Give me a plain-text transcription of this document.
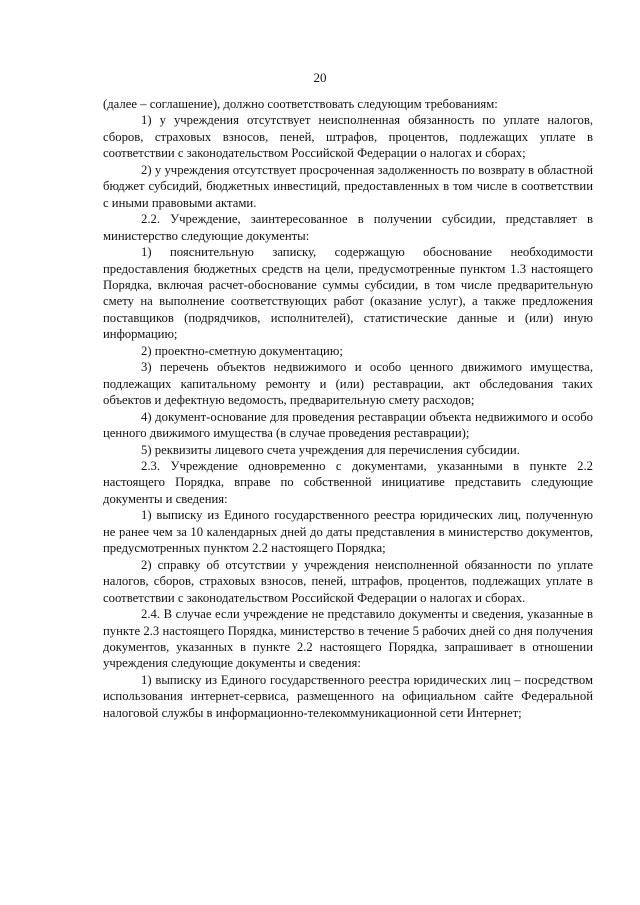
20

(далее – соглашение), должно соответствовать следующим требованиям:

1) у учреждения отсутствует неисполненная обязанность по уплате налогов, сборов, страховых взносов, пеней, штрафов, процентов, подлежащих уплате в соответствии с законодательством Российской Федерации о налогах и сборах;

2) у учреждения отсутствует просроченная задолженность по возврату в областной бюджет субсидий, бюджетных инвестиций, предоставленных в том числе в соответствии с иными правовыми актами.

2.2. Учреждение, заинтересованное в получении субсидии, представляет в министерство следующие документы:

1) пояснительную записку, содержащую обоснование необходимости предоставления бюджетных средств на цели, предусмотренные пунктом 1.3 настоящего Порядка, включая расчет-обоснование суммы субсидии, в том числе предварительную смету на выполнение соответствующих работ (оказание услуг), а также предложения поставщиков (подрядчиков, исполнителей), статистические данные и (или) иную информацию;

2) проектно-сметную документацию;

3) перечень объектов недвижимого и особо ценного движимого имущества, подлежащих капитальному ремонту и (или) реставрации, акт обследования таких объектов и дефектную ведомость, предварительную смету расходов;

4) документ-основание для проведения реставрации объекта недвижимого и особо ценного движимого имущества (в случае проведения реставрации);

5) реквизиты лицевого счета учреждения для перечисления субсидии.

2.3. Учреждение одновременно с документами, указанными в пункте 2.2 настоящего Порядка, вправе по собственной инициативе представить следующие документы и сведения:

1) выписку из Единого государственного реестра юридических лиц, полученную не ранее чем за 10 календарных дней до даты представления в министерство документов, предусмотренных пунктом 2.2 настоящего Порядка;

2) справку об отсутствии у учреждения неисполненной обязанности по уплате налогов, сборов, страховых взносов, пеней, штрафов, процентов, подлежащих уплате в соответствии с законодательством Российской Федерации о налогах и сборах.

2.4. В случае если учреждение не представило документы и сведения, указанные в пункте 2.3 настоящего Порядка, министерство в течение 5 рабочих дней со дня получения документов, указанных в пункте 2.2 настоящего Порядка, запрашивает в отношении учреждения следующие документы и сведения:

1) выписку из Единого государственного реестра юридических лиц – посредством использования интернет-сервиса, размещенного на официальном сайте Федеральной налоговой службы в информационно-телекоммуникационной сети Интернет;
